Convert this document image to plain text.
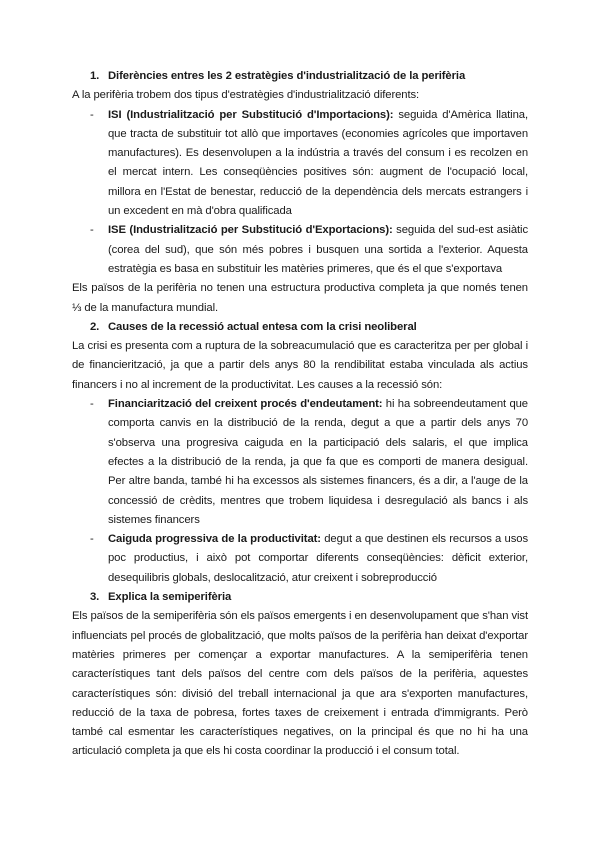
1. Diferències entres les 2 estratègies d'industrialització de la perifèria

A la perifèria trobem dos tipus d'estratègies d'industrialització diferents:

-	ISI (Industrialització per Substitució d'Importacions): seguida d'Amèrica llatina, que tracta de substituir tot allò que importaves (economies agrícoles que importaven manufactures). Es desenvolupen a la indústria a través del consum i es recolzen en el mercat intern. Les conseqüències positives són: augment de l'ocupació local, millora en l'Estat de benestar, reducció de la dependència dels mercats estrangers i un excedent en mà d'obra qualificada
-	ISE (Industrialització per Substitució d'Exportacions): seguida del sud-est asiàtic (corea del sud), que són més pobres i busquen una sortida a l'exterior. Aquesta estratègia es basa en substituir les matèries primeres, que és el que s'exportava

Els països de la perifèria no tenen una estructura productiva completa ja que només tenen ⅓ de la manufactura mundial.

2. Causes de la recessió actual entesa com la crisi neoliberal

La crisi es presenta com a ruptura de la sobreacumulació que es caracteritza per per global i de financierització, ja que a partir dels anys 80 la rendibilitat estaba vinculada als actius financers i no al increment de la productivitat. Les causes a la recessió són:

-	Financiarització del creixent procés d'endeutament: hi ha sobreendeutament que comporta canvis en la distribució de la renda, degut a que a partir dels anys 70 s'observa una progresiva caiguda en la participació dels salaris, el que implica efectes a la distribució de la renda, ja que fa que es comporti de manera desigual. Per altre banda, també hi ha excessos als sistemes financers, és a dir, a l'auge de la concessió de crèdits, mentres que trobem liquidesa i desregulació als bancs i als sistemes financers
-	Caiguda progressiva de la productivitat: degut a que destinen els recursos a usos poc productius, i això pot comportar diferents conseqüències: dèficit exterior, desequilibris globals, deslocalització, atur creixent i sobreproducció
3. Explica la semiperifèria

Els països de la semiperifèria són els països emergents i en desenvolupament que s'han vist influenciats pel procés de globalització, que molts països de la perifèria han deixat d'exportar matèries primeres per començar a exportar manufactures. A la semiperifèria tenen característiques tant dels països del centre com dels països de la perifèria, aquestes característiques són: divisió del treball internacional ja que ara s'exporten manufactures, reducció de la taxa de pobresa, fortes taxes de creixement i entrada d'immigrants. Però també cal esmentar les característiques negatives, on la principal és que no hi ha una articulació completa ja que els hi costa coordinar la producció i el consum total.
